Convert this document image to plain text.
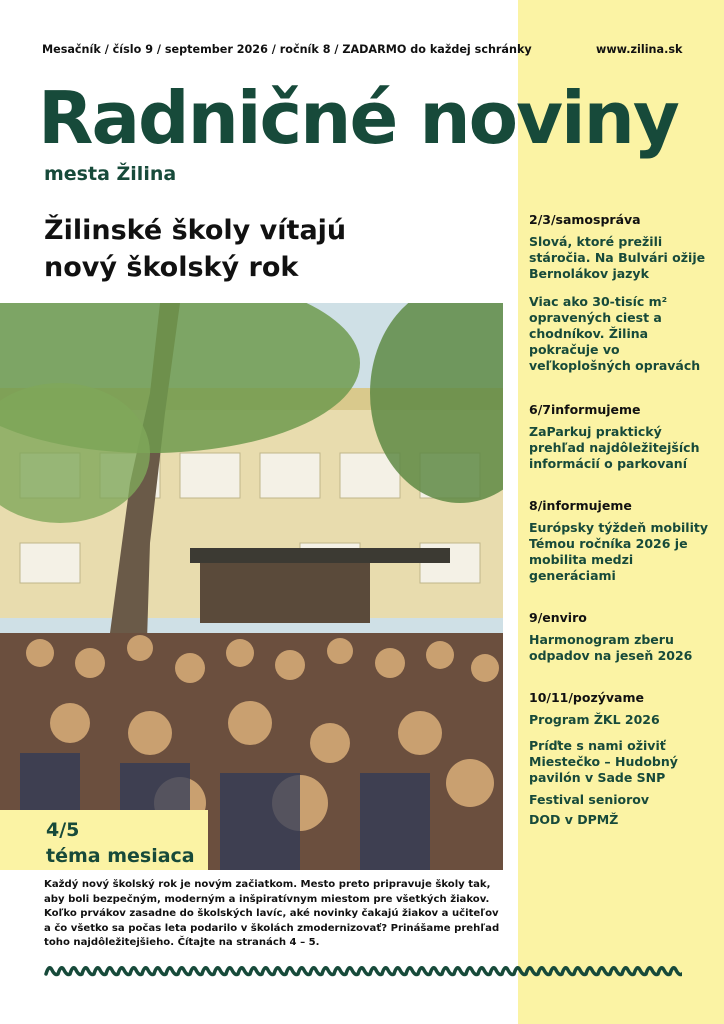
Mesačník / číslo 9 / september 2026 / ročník 8 / ZADARMO do každej schránky	www.zilina.sk
Radničné noviny
mesta Žilina
Žilinské školy vítajú
nový školský rok
4/5
téma mesiaca
Každý nový školský rok je novým začiatkom. Mesto preto pripravuje školy tak, aby boli bezpečným, moderným a inšpiratívnym miestom pre všetkých žiakov. Koľko prvákov zasadne do školských lavíc, aké novinky čakajú žiakov a učiteľov a čo všetko sa počas leta podarilo v školách zmodernizovať? Prinášame prehľad toho najdôležitejšieho. Čítajte na stranách 4 – 5.
2/3/samospráva
Slová, ktoré prežili stáročia. Na Bulvári ožije Bernolákov jazyk
Viac ako 30-tisíc m² opravených ciest a chodníkov. Žilina pokračuje vo veľkoplošných opravách
6/7informujeme
ZaParkuj praktický prehľad najdôležitejších informácií o parkovaní
8/informujeme
Európsky týždeň mobility Témou ročníka 2026 je mobilita medzi generáciami
9/enviro
Harmonogram zberu odpadov na jeseň 2026
10/11/pozývame
Program ŽKL 2026
Príďte s nami oživiť Miestečko – Hudobný pavilón v Sade SNP
Festival seniorov
DOD v DPMŽ
